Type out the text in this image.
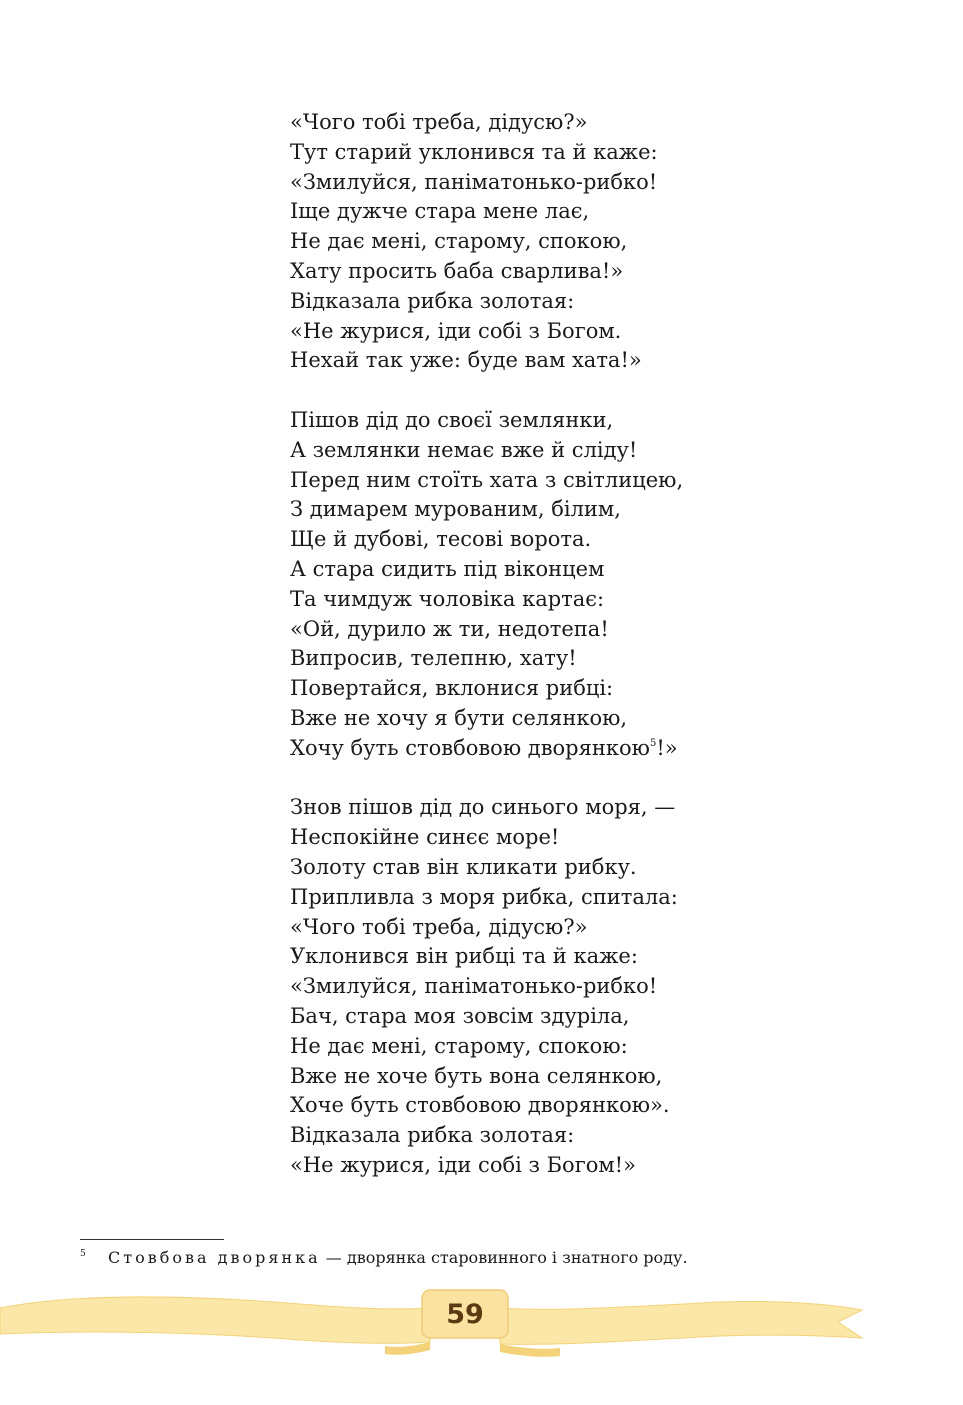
«Чого тобі треба, дідусю?»
Тут старий уклонився та й каже:
«Змилуйся, паніматонько-рибко!
Іще дужче стара мене лає,
Не дає мені, старому, спокою,
Хату просить баба сварлива!»
Відказала рибка золотая:
«Не журися, іди собі з Богом.
Нехай так уже: буде вам хата!»

Пішов дід до своєї землянки,
А землянки немає вже й сліду!
Перед ним стоїть хата з світлицею,
З димарем мурованим, білим,
Ще й дубові, тесові ворота.
А стара сидить під віконцем
Та чимдуж чоловіка картає:
«Ой, дурило ж ти, недотепа!
Випросив, телепню, хату!
Повертайся, вклонися рибці:
Вже не хочу я бути селянкою,
Хочу буть стовбовою дворянкою$^5$!»

Знов пішов дід до синього моря, —
Неспокійне синєє море!
Золоту став він кликати рибку.
Припливла з моря рибка, спитала:
«Чого тобі треба, дідусю?»
Уклонився він рибці та й каже:
«Змилуйся, паніматонько-рибко!
Бач, стара моя зовсім здуріла,
Не дає мені, старому, спокою:
Вже не хоче буть вона селянкою,
Хоче буть стовбовою дворянкою».
Відказала рибка золотая:
«Не журися, іди собі з Богом!»

5 Стовбова дворянка — дворянка старовинного і знатного роду.
59
